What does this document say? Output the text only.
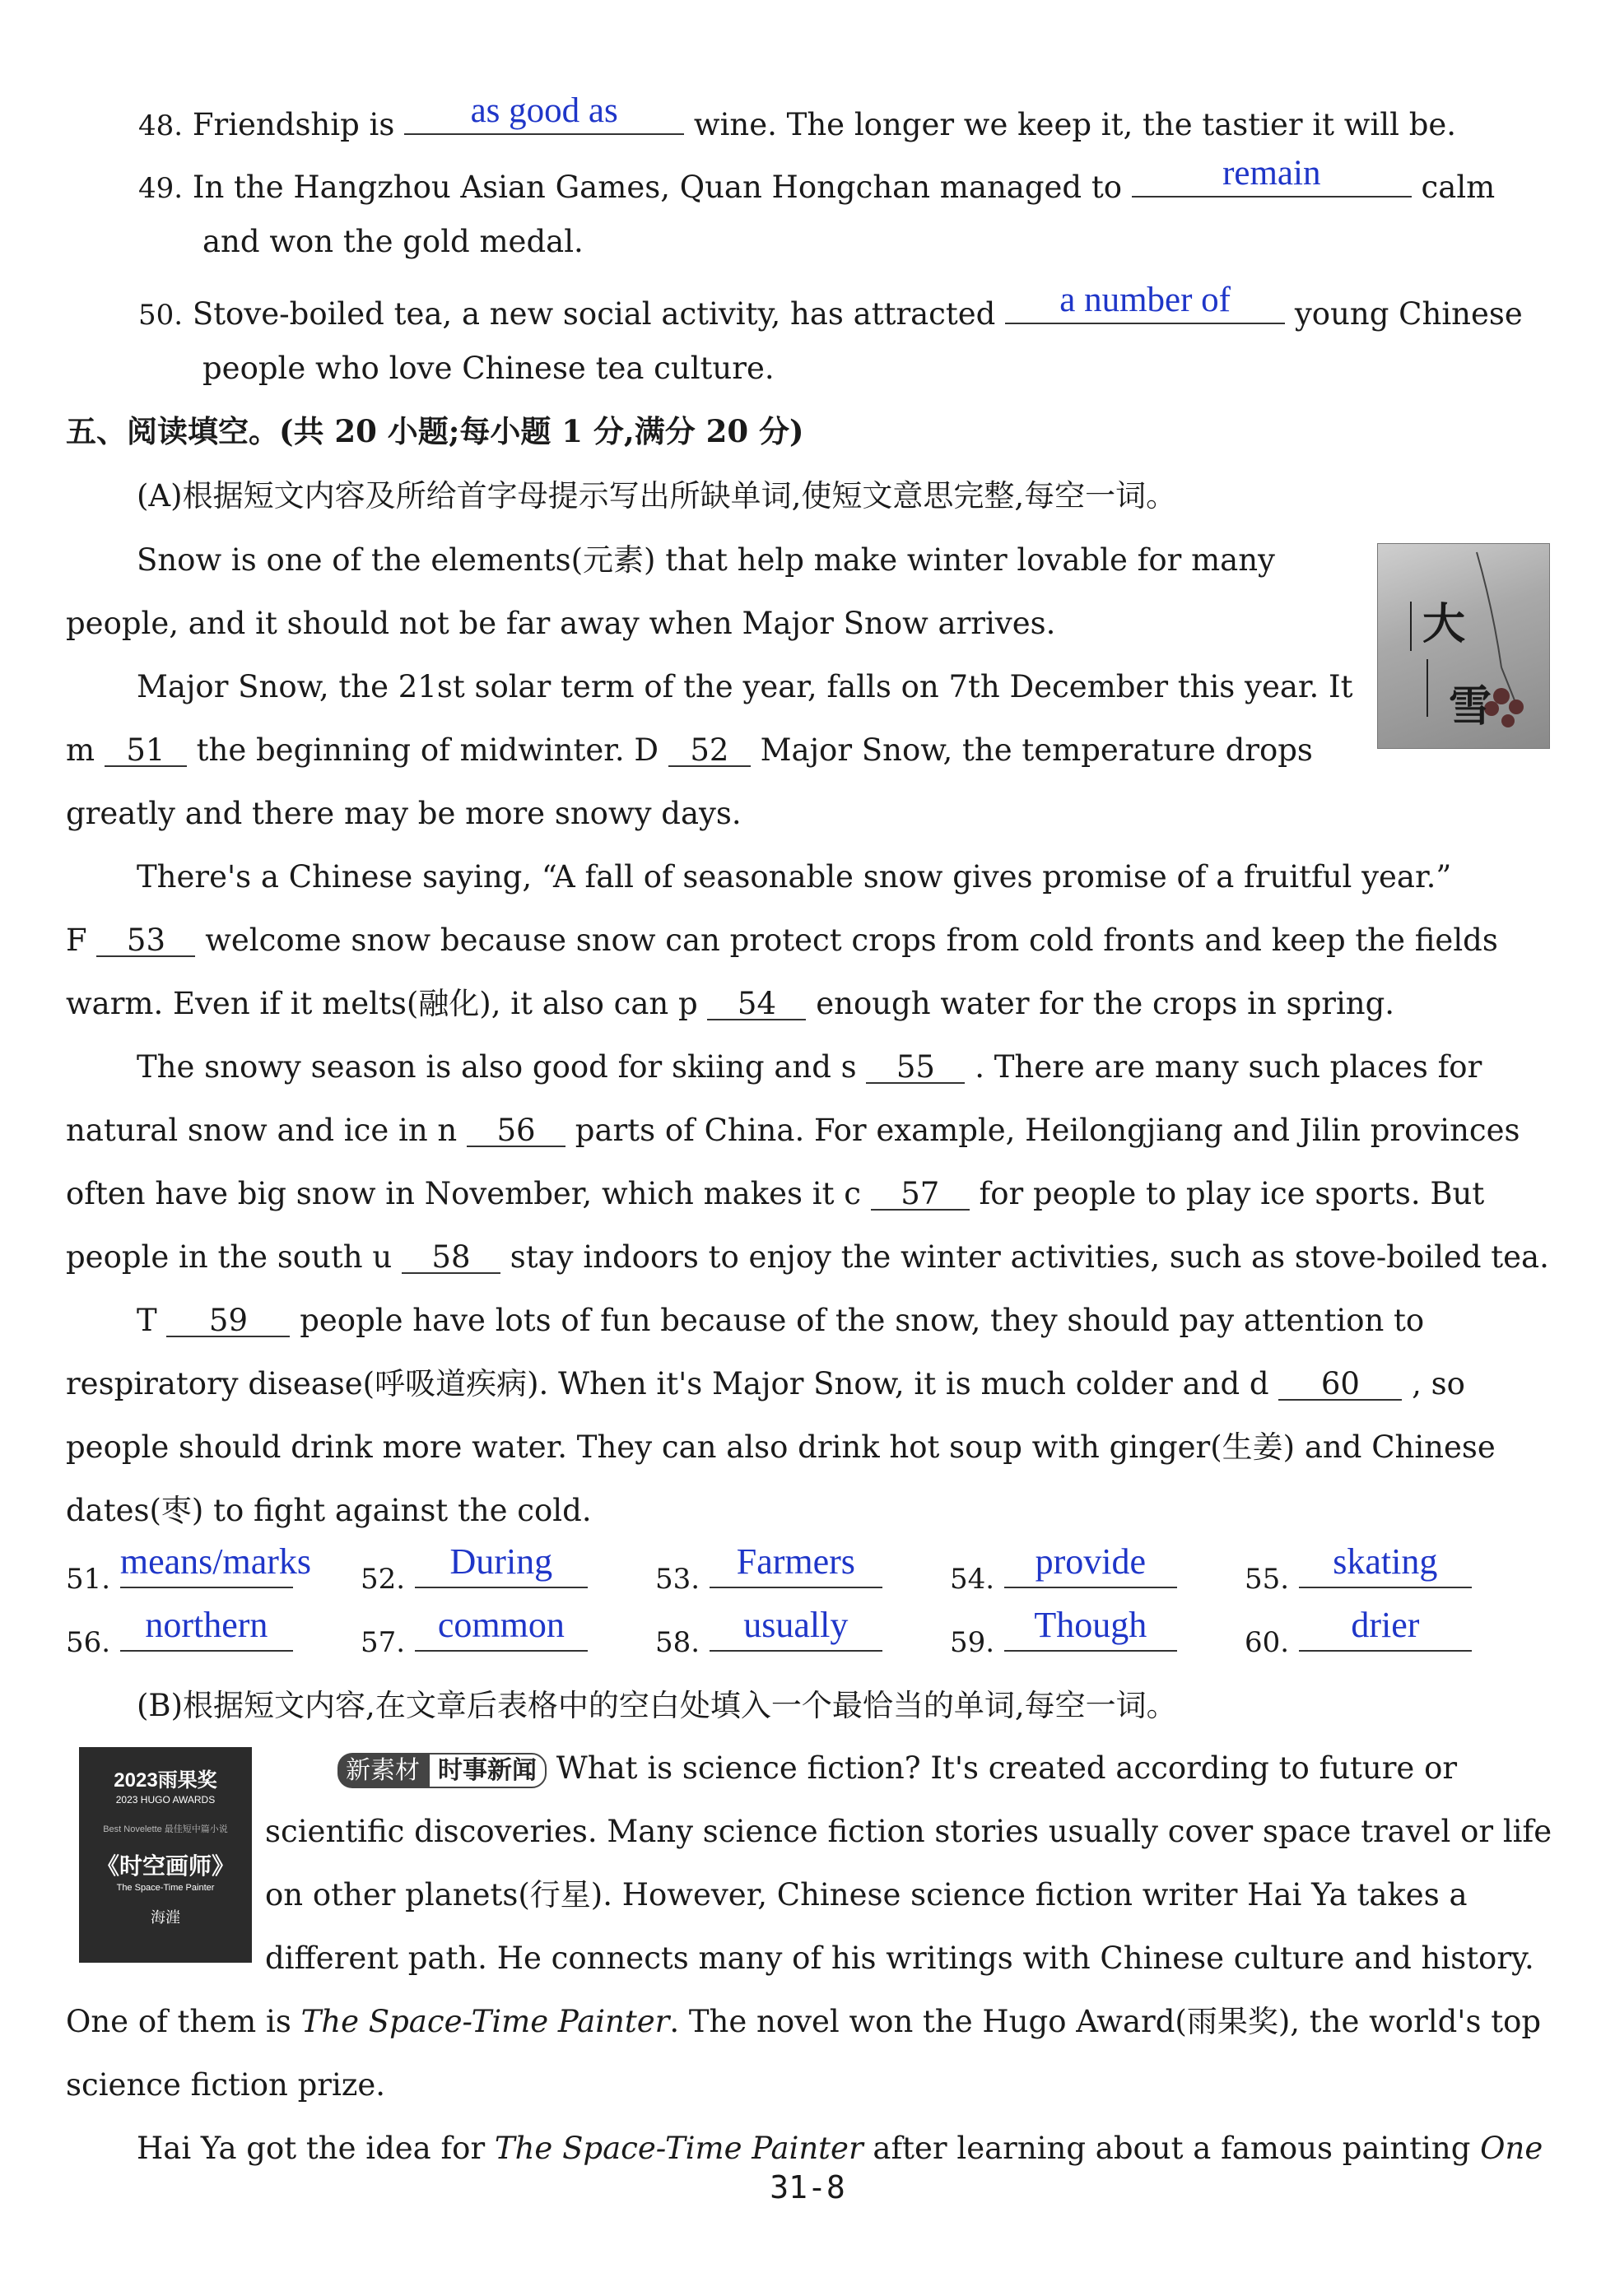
48. Friendship is	as good as	wine. The longer we keep it, the tastier it will be.
49. In the Hangzhou Asian Games, Quan Hongchan managed to	remain	calm
and won the gold medal.
50. Stove-boiled tea, a new social activity, has attracted	a number of	young Chinese
people who love Chinese tea culture.
五、阅读填空。(共 20 小题;每小题 1 分,满分 20 分)
(A)根据短文内容及所给首字母提示写出所缺单词,使短文意思完整,每空一词。
大
雪
Snow is one of the elements(元素) that help make winter lovable for many
people, and it should not be far away when Major Snow arrives.
Major Snow, the 21st solar term of the year, falls on 7th December this year. It
m 51 the beginning of midwinter. D 52 Major Snow, the temperature drops
greatly and there may be more snowy days.
There's a Chinese saying, “A fall of seasonable snow gives promise of a fruitful year.”
F 53 welcome snow because snow can protect crops from cold fronts and keep the fields
warm. Even if it melts(融化), it also can p 54 enough water for the crops in spring.
The snowy season is also good for skiing and s 55 . There are many such places for
natural snow and ice in n 56 parts of China. For example, Heilongjiang and Jilin provinces
often have big snow in November, which makes it c 57 for people to play ice sports. But
people in the south u 58 stay indoors to enjoy the winter activities, such as stove-boiled tea.
T 59 people have lots of fun because of the snow, they should pay attention to
respiratory disease(呼吸道疾病). When it's Major Snow, it is much colder and d 60 , so
people should drink more water. They can also drink hot soup with ginger(生姜) and Chinese
dates(枣) to fight against the cold.
51. means/marks 52.	During	53.	Farmers	54.	provide	55.	skating
56. northern	57. common	58.	usually	59.	Though	60.	drier
(B)根据短文内容,在文章后表格中的空白处填入一个最恰当的单词,每空一词。
2023雨果奖
2023 HUGO AWARDS
Best Novelette 最佳短中篇小说
《时空画师》
The Space-Time Painter
海漄
新素材 时事新闻 What is science fiction? It's created according to future or
scientific discoveries. Many science fiction stories usually cover space travel or life
on other planets(行星). However, Chinese science fiction writer Hai Ya takes a
different path. He connects many of his writings with Chinese culture and history.
One of them is The Space-Time Painter. The novel won the Hugo Award(雨果奖), the world's top
science fiction prize.
Hai Ya got the idea for The Space-Time Painter after learning about a famous painting One
31-8
